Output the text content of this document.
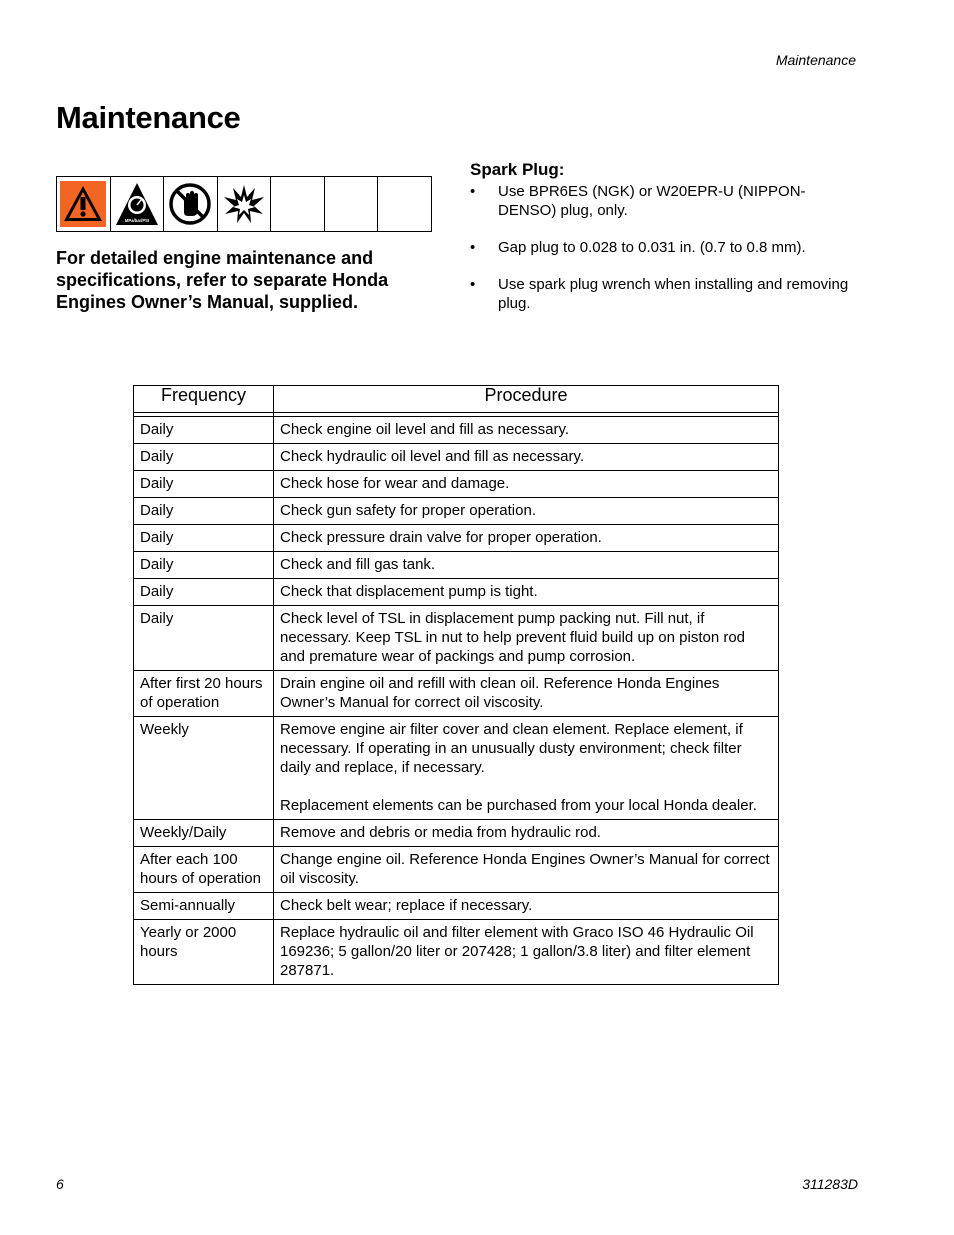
Maintenance
Maintenance
MPa/bar/PSI

For detailed engine maintenance and specifications, refer to separate Honda Engines Owner’s Manual, supplied.

Spark Plug:
• Use BPR6ES (NGK) or W20EPR-U (NIPPON-DENSO) plug, only.
• Gap plug to 0.028 to 0.031 in. (0.7 to 0.8 mm).
• Use spark plug wrench when installing and removing plug.
Frequency	Procedure

Daily	Check engine oil level and fill as necessary.
Daily	Check hydraulic oil level and fill as necessary.
Daily	Check hose for wear and damage.
Daily	Check gun safety for proper operation.
Daily	Check pressure drain valve for proper operation.
Daily	Check and fill gas tank.
Daily	Check that displacement pump is tight.
Daily	Check level of TSL in displacement pump packing nut. Fill nut, if necessary. Keep TSL in nut to help prevent fluid build up on piston rod and premature wear of packings and pump corrosion.
After first 20 hours of operation	Drain engine oil and refill with clean oil. Reference Honda Engines Owner’s Manual for correct oil viscosity.
Weekly	Remove engine air filter cover and clean element. Replace element, if necessary. If operating in an unusually dusty environment; check filter daily and replace, if necessary.
Replacement elements can be purchased from your local Honda dealer.

Weekly/Daily	Remove and debris or media from hydraulic rod.
After each 100 hours of operation	Change engine oil. Reference Honda Engines Owner’s Manual for correct oil viscosity.
Semi-annually	Check belt wear; replace if necessary.
Yearly or 2000 hours	Replace hydraulic oil and filter element with Graco ISO 46 Hydraulic Oil 169236; 5 gallon/20 liter or 207428; 1 gallon/3.8 liter) and filter element 287871.
6	311283D
